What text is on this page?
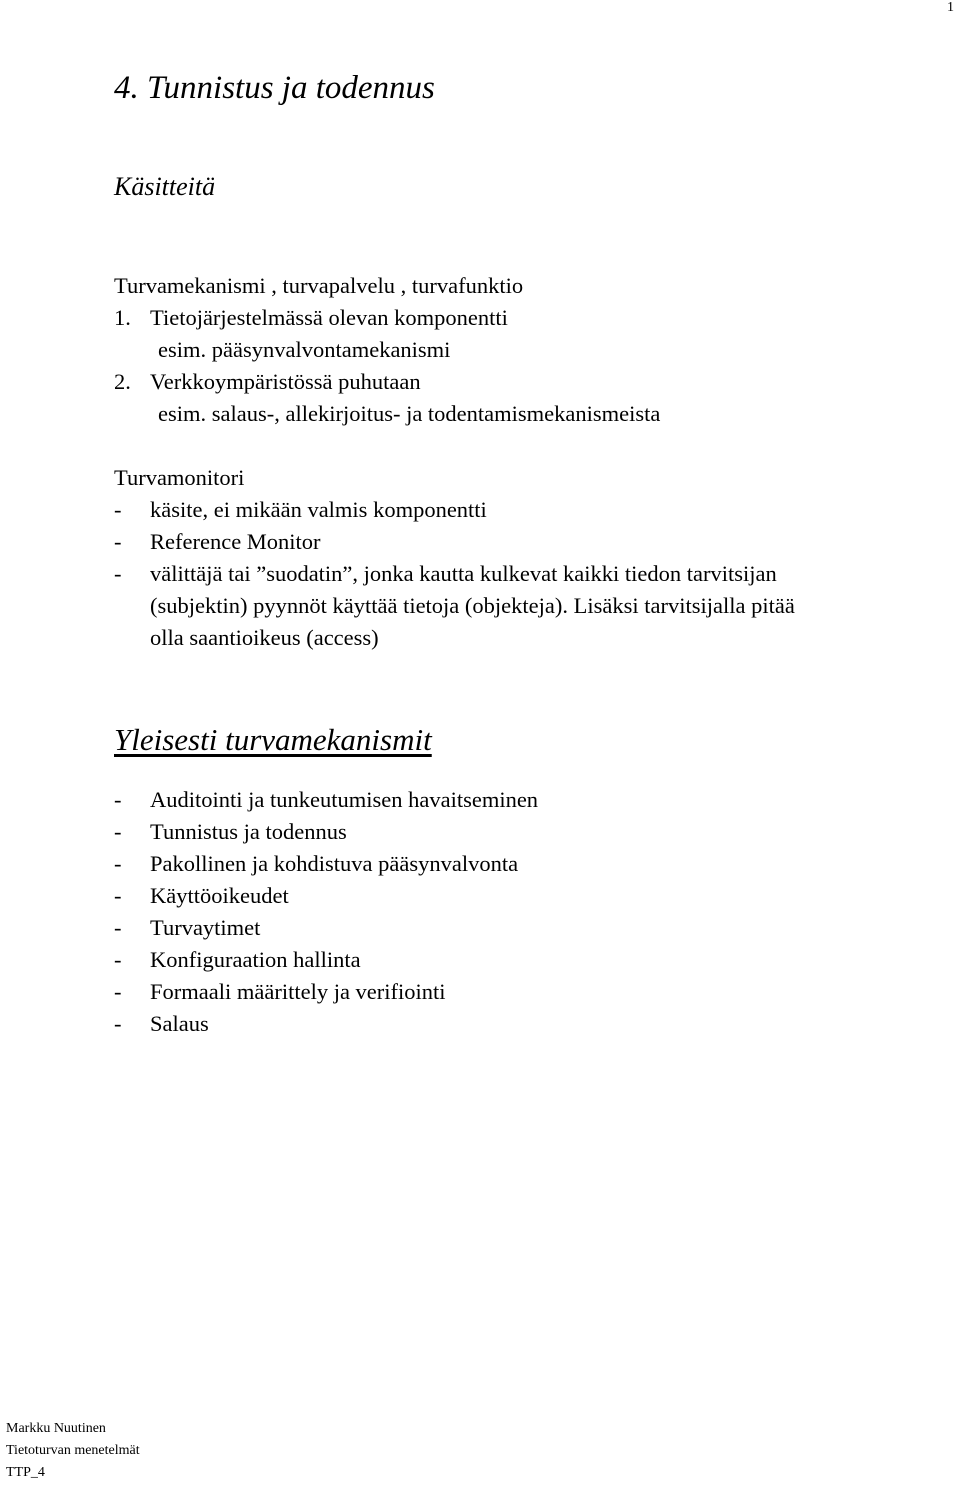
1
4. Tunnistus ja todennus
Käsitteitä
Turvamekanismi , turvapalvelu , turvafunktio
1. Tietojärjestelmässä olevan komponentti
esim. pääsynvalvontamekanismi
2. Verkkoympäristössä puhutaan
esim. salaus-, allekirjoitus- ja todentamismekanismeista
Turvamonitori
- käsite, ei mikään valmis komponentti
- Reference Monitor
- välittäjä tai ”suodatin”, jonka kautta kulkevat kaikki tiedon tarvitsijan
(subjektin) pyynnöt käyttää tietoja (objekteja). Lisäksi tarvitsijalla pitää
olla saantioikeus (access)
Yleisesti turvamekanismit
- Auditointi ja tunkeutumisen havaitseminen
- Tunnistus ja todennus
- Pakollinen ja kohdistuva pääsynvalvonta
- Käyttöoikeudet
- Turvaytimet
- Konfiguraation hallinta
- Formaali määrittely ja verifiointi
- Salaus
Markku Nuutinen
Tietoturvan menetelmät
TTP_4
